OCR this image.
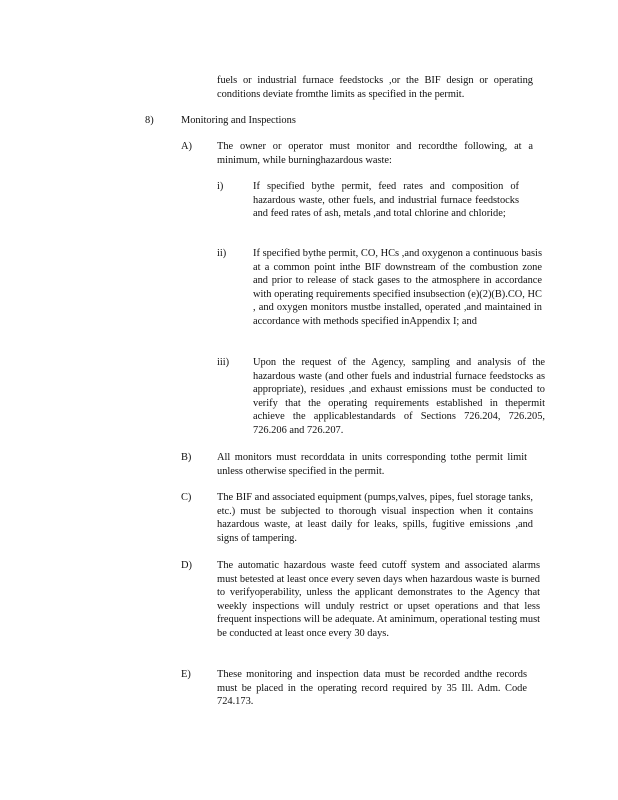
fuels or industrial furnace feedstocks ,or the BIF design or operating conditions deviate fromthe limits as specified in the permit.

8)	Monitoring and Inspections
A) The owner or operator must monitor and recordthe following, at a minimum, while burninghazardous waste:

i)	If specified bythe permit, feed rates and composition of hazardous waste, other fuels, and industrial furnace feedstocks and feed rates of ash, metals ,and total chlorine and chloride;

ii)	If specified bythe permit, CO, HCs ,and oxygenon a continuous basis at a common point inthe BIF downstream of the combustion zone and prior to release of stack gases to the atmosphere in accordance with operating requirements specified insubsection (e)(2)(B).CO, HC , and oxygen monitors mustbe installed, operated ,and maintained in accordance with methods specified inAppendix I; and

iii) Upon the request of the Agency, sampling and analysis of the hazardous waste (and other fuels and industrial furnace feedstocks as appropriate), residues ,and exhaust emissions must be conducted to verify that the operating requirements established in thepermit achieve the applicablestandards of Sections 726.204, 726.205, 726.206 and 726.207.

B) All monitors must recorddata in units corresponding tothe permit limit unless otherwise specified in the permit.

C) The BIF and associated equipment (pumps,valves, pipes, fuel storage tanks, etc.) must be subjected to thorough visual inspection when it contains hazardous waste, at least daily for leaks, spills, fugitive emissions ,and signs of tampering.

D) The automatic hazardous waste feed cutoff system and associated alarms must betested at least once every seven days when hazardous waste is burned to verifyoperability, unless the applicant demonstrates to the Agency that weekly inspections will unduly restrict or upset operations and that less frequent inspections will be adequate. At aminimum, operational testing must be conducted at least once every 30 days.

E)	These monitoring and inspection data must be recorded andthe records must be placed in the operating record required by 35 Ill. Adm. Code 724.173.
